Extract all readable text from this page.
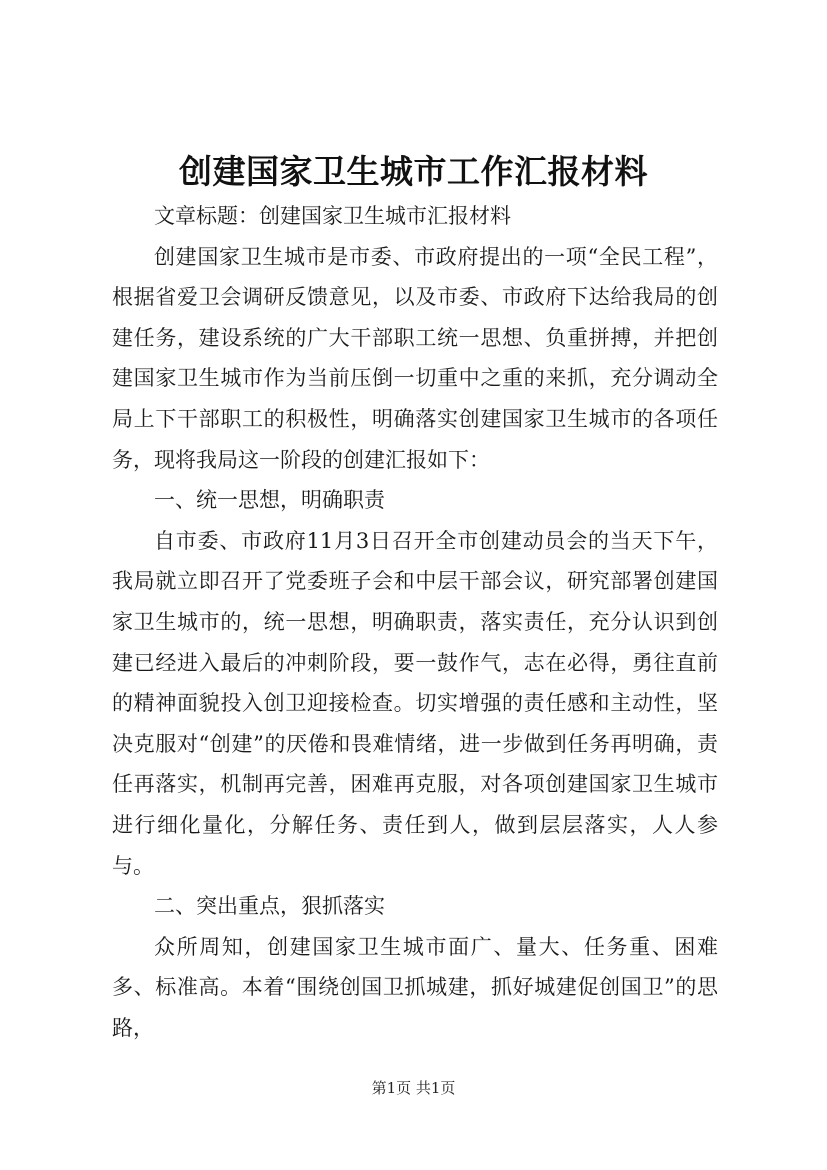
创建国家卫生城市工作汇报材料

文章标题：创建国家卫生城市汇报材料

创建国家卫生城市是市委、市政府提出的一项“全民工程”，根据省爱卫会调研反馈意见，以及市委、市政府下达给我局的创建任务，建设系统的广大干部职工统一思想、负重拼搏，并把创建国家卫生城市作为当前压倒一切重中之重的来抓，充分调动全局上下干部职工的积极性，明确落实创建国家卫生城市的各项任务，现将我局这一阶段的创建汇报如下：

一、统一思想，明确职责

自市委、市政府11月3日召开全市创建动员会的当天下午，我局就立即召开了党委班子会和中层干部会议，研究部署创建国家卫生城市的，统一思想，明确职责，落实责任，充分认识到创建已经进入最后的冲刺阶段，要一鼓作气，志在必得，勇往直前的精神面貌投入创卫迎接检查。切实增强的责任感和主动性，坚决克服对“创建”的厌倦和畏难情绪，进一步做到任务再明确，责任再落实，机制再完善，困难再克服，对各项创建国家卫生城市进行细化量化，分解任务、责任到人，做到层层落实，人人参与。

二、突出重点，狠抓落实

众所周知，创建国家卫生城市面广、量大、任务重、困难多、标准高。本着“围绕创国卫抓城建，抓好城建促创国卫”的思路，

第1页 共1页
